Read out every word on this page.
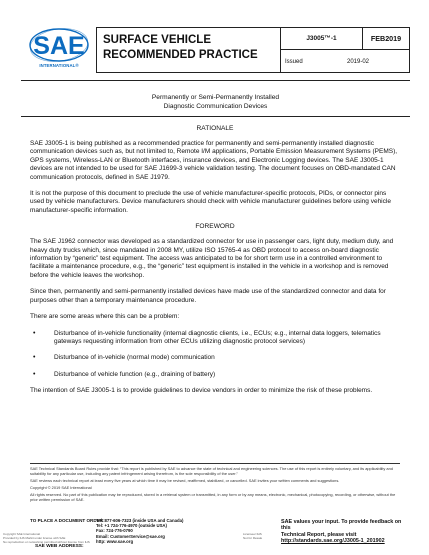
SAE
INTERNATIONAL®
SURFACE VEHICLE
RECOMMENDED PRACTICE
J3005™-1	FEB2019
Issued	2019-02
Permanently or Semi-Permanently Installed
Diagnostic Communication Devices
RATIONALE

SAE J3005-1 is being published as a recommended practice for permanently and semi-permanently installed diagnostic communication devices such as, but not limited to, Remote I/M applications, Portable Emission Measurement Systems (PEMS), GPS systems, Wireless-LAN or Bluetooth interfaces, insurance devices, and Electronic Logging devices. The SAE J3005-1 devices are not intended to be used for SAE J1699-3 vehicle validation testing. The document focuses on OBD-mandated CAN communication protocols, defined in SAE J1979.

It is not the purpose of this document to preclude the use of vehicle manufacturer-specific protocols, PIDs, or connector pins used by vehicle manufacturers. Device manufacturers should check with vehicle manufacturer guidelines before using vehicle manufacturer-specific information.

FOREWORD

The SAE J1962 connector was developed as a standardized connector for use in passenger cars, light duty, medium duty, and heavy duty trucks which, since mandated in 2008 MY, utilize ISO 15765-4 as OBD protocol to access on-board diagnostic information by “generic” test equipment. The access was anticipated to be for short term use in a controlled environment to facilitate a maintenance procedure, e.g., the “generic” test equipment is installed in the vehicle in a workshop and is removed before the vehicle leaves the workshop.

Since then, permanently and semi-permanently installed devices have made use of the standardized connector and data for purposes other than a temporary maintenance procedure.

There are some areas where this can be a problem:

•	Disturbance of in-vehicle functionality (internal diagnostic clients, i.e., ECUs; e.g., internal data loggers, telematics gateways requesting information from other ECUs utilizing diagnostic protocol services)
•	Disturbance of in-vehicle (normal mode) communication
•	Disturbance of vehicle function (e.g., draining of battery)

The intention of SAE J3005-1 is to provide guidelines to device vendors in order to minimize the risk of these problems.

SAE Technical Standards Board Rules provide that: “This report is published by SAE to advance the state of technical and engineering sciences. The use of this report is entirely voluntary, and its applicability and suitability for any particular use, including any patent infringement arising therefrom, is the sole responsibility of the user.”

SAE reviews each technical report at least every five years at which time it may be revised, reaffirmed, stabilized, or cancelled. SAE invites your written comments and suggestions.

Copyright © 2019 SAE International

All rights reserved. No part of this publication may be reproduced, stored in a retrieval system or transmitted, in any form or by any means, electronic, mechanical, photocopying, recording, or otherwise, without the prior written permission of SAE.

TO PLACE A DOCUMENT ORDER:
Tel: 877-606-7323 (inside USA and Canada)
Tel: +1 724-776-4970 (outside USA)
Fax: 724-776-0790
Email: CustomerService@sae.org
http: www.sae.org
Copyright SAE International
Provided by IHS Markit under license with SAE
No reproduction or networking permitted without license from IHS
Licensee=IHS
Not for Resale
SAE WEB ADDRESS:
SAE values your input. To provide feedback on this
Technical Report, please visit
http://standards.sae.org/J3005-1_201902
